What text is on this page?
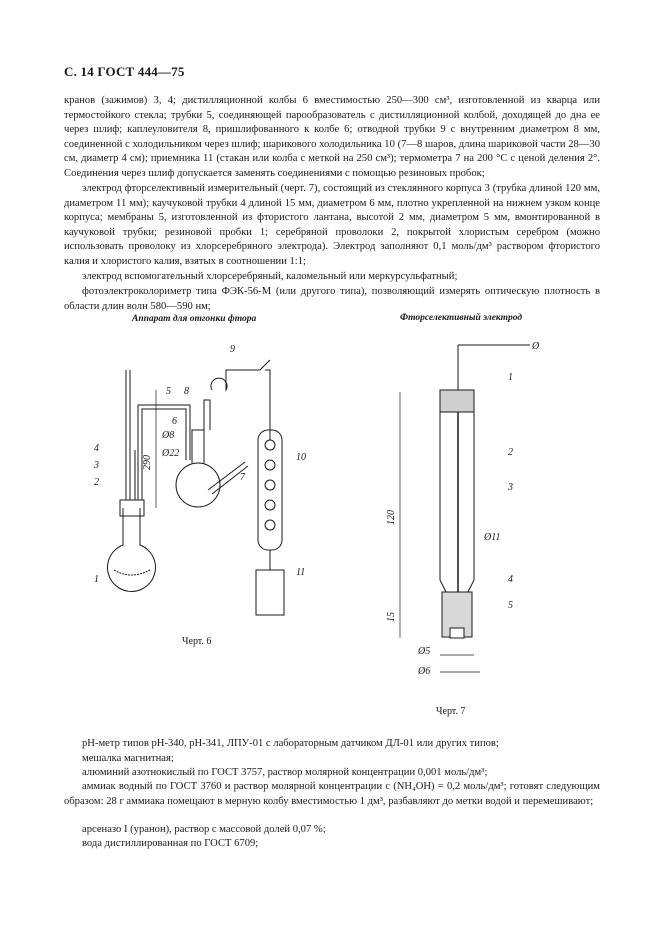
С. 14 ГОСТ 444—75

кранов (зажимов) 3, 4; дистилляционной колбы 6 вместимостью 250—300 см³, изготовленной из кварца или термостойкого стекла; трубки 5, соединяющей парообразователь с дистилляционной колбой, доходящей до дна ее через шлиф; каплеуловителя 8, пришлифованного к колбе 6; отводной трубки 9 с внутренним диаметром 8 мм, соединенной с холодильником через шлиф; шарикового холодильника 10 (7—8 шаров, длина шариковой части 28—30 см, диаметр 4 см); приемника 11 (стакан или колба с меткой на 250 см³); термометра 7 на 200 °С с ценой деления 2°. Соединения через шлиф допускается заменять соединениями с помощью резиновых пробок;

электрод фторселективный измерительный (черт. 7), состоящий из стеклянного корпуса 3 (трубка длиной 120 мм, диаметром 11 мм); каучуковой трубки 4 длиной 15 мм, диаметром 6 мм, плотно укрепленной на нижнем узком конце корпуса; мембраны 5, изготовленной из фтористого лантана, высотой 2 мм, диаметром 5 мм, вмонтированной в каучуковой трубки; резиновой пробки 1; серебряной проволоки 2, покрытой хлористым серебром (можно использовать проволоку из хлорсеребряного электрода). Электрод заполняют 0,1 моль/дм³ раствором фтористого калия и хлористого калия, взятых в соотношении 1:1;

электрод вспомогательный хлорсеребряный, каломельный или меркурсульфатный;

фотоэлектроколориметр типа ФЭК-56-М (или другого типа), позволяющий измерять оптическую плотность в области длин волн 580—590 нм;

Аппарат для отгонки фтора	Фторселективный электрод
1
2
3
4
5
6
7
8
9
10
11
Ø8
Ø22
290
Черт. 6
Ø
1
2
3
4
5
Ø11
Ø5
Ø6
120
15
Черт. 7

pH-метр типов pH-340, pH-341, ЛПУ-01 с лабораторным датчиком ДЛ-01 или других типов;

мешалка магнитная;

алюминий азотнокислый по ГОСТ 3757, раствор молярной концентрации 0,001 моль/дм³;

аммиак водный по ГОСТ 3760 и раствор молярной концентрации с (NH₄OH) = 0,2 моль/дм³; готовят следующим образом: 28 г аммиака помещают в мерную колбу вместимостью 1 дм³, разбавляют до метки водой и перемешивают;

арсеназо I (уранон), раствор с массовой долей 0,07 %;

вода дистиллированная по ГОСТ 6709;
